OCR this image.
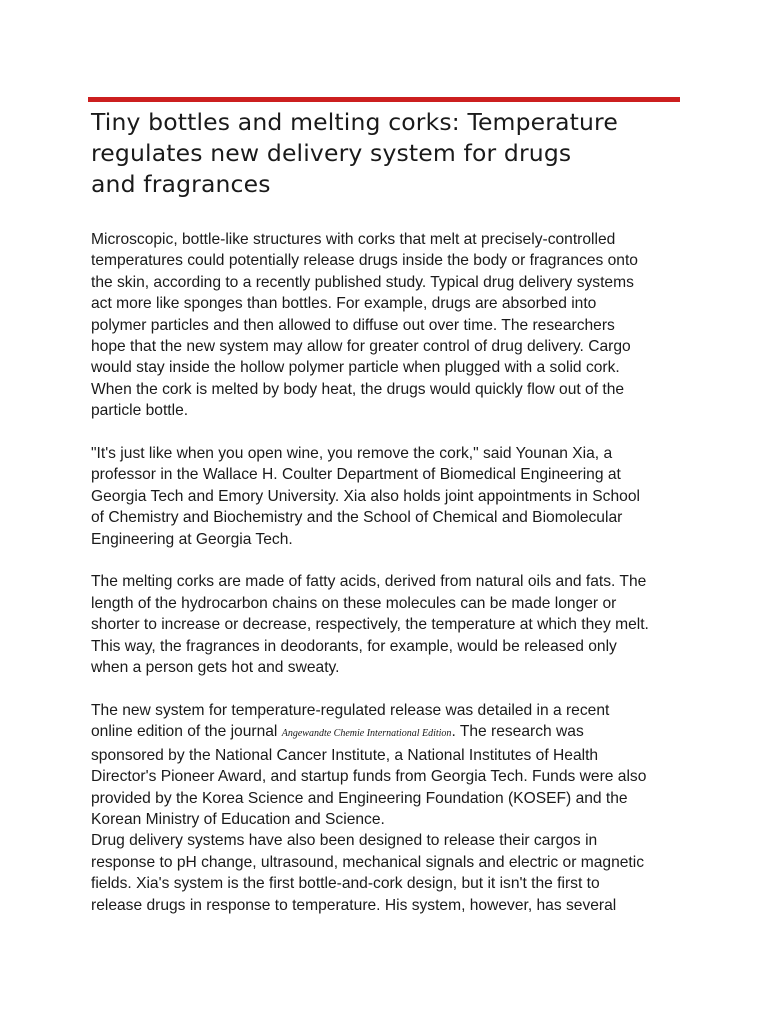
Tiny bottles and melting corks: Temperature
regulates new delivery system for drugs
and fragrances

Microscopic, bottle-like structures with corks that melt at precisely-controlled
temperatures could potentially release drugs inside the body or fragrances onto
the skin, according to a recently published study. Typical drug delivery systems
act more like sponges than bottles. For example, drugs are absorbed into
polymer particles and then allowed to diffuse out over time. The researchers
hope that the new system may allow for greater control of drug delivery. Cargo
would stay inside the hollow polymer particle when plugged with a solid cork.
When the cork is melted by body heat, the drugs would quickly flow out of the
particle bottle.

"It's just like when you open wine, you remove the cork," said Younan Xia, a
professor in the Wallace H. Coulter Department of Biomedical Engineering at
Georgia Tech and Emory University. Xia also holds joint appointments in School
of Chemistry and Biochemistry and the School of Chemical and Biomolecular
Engineering at Georgia Tech.

The melting corks are made of fatty acids, derived from natural oils and fats. The
length of the hydrocarbon chains on these molecules can be made longer or
shorter to increase or decrease, respectively, the temperature at which they melt.
This way, the fragrances in deodorants, for example, would be released only
when a person gets hot and sweaty.

The new system for temperature-regulated release was detailed in a recent
online edition of the journal Angewandte Chemie International Edition. The research was
sponsored by the National Cancer Institute, a National Institutes of Health
Director's Pioneer Award, and startup funds from Georgia Tech. Funds were also
provided by the Korea Science and Engineering Foundation (KOSEF) and the
Korean Ministry of Education and Science.

Drug delivery systems have also been designed to release their cargos in
response to pH change, ultrasound, mechanical signals and electric or magnetic
fields. Xia's system is the first bottle-and-cork design, but it isn't the first to
release drugs in response to temperature. His system, however, has several
